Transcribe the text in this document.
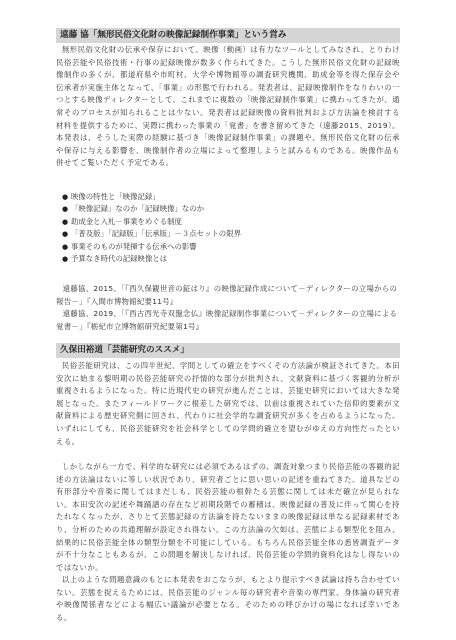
遠藤 協「無形民俗文化財の映像記録制作事業」という営み

無形民俗文化財の伝承や保存において、映像（動画）は有力なツールとしてみなされ、とりわけ民俗芸能や民俗技術・行事の記録映像が数多く作られてきた。こうした無形民俗文化財の記録映像制作の多くが、都道府県や市町村、大学や博物館等の調査研究機関、助成金等を得た保存会や伝承者が実施主体となって、「事業」の形態で行われる。発表者は、記録映像制作をなりわいの一つとする映像ディレクターとして、これまでに複数の「映像記録制作事業」に携わってきたが、通常そのプロセスが知られることは少ない。発表者は記録映像の資料批判および方法論を検討する材料を提供するために、実際に携わった事業の「覚書」を書き留めてきた（遠藤2015、2019）。本発表は、そうした実際の経験に基づき「映像記録制作事業」の課題や、無形民俗文化財の伝承や保存に与える影響を、映像制作者の立場によって整理しようと試みるものである。映像作品も併せてご覧いただく予定である。

● 映像の特性と「映像記録」
● 「映像記録」なのか「記録映像」なのか
● 助成金と入札－事業をめぐる制度
● 「普及版」「記録版」「伝承版」－３点セットの限界
● 事業そのものが発揮する伝承への影響
● 予算なき時代の記録映像とは
遠藤協、2015、「『西久保観世音の鉦はり』の映像記録作成について－ディレクターの立場からの報告－」『入間市博物館紀要11号』
遠藤協、2019、「『西古西光寺双盤念仏』映像記録制作事業について－ディレクターの立場による覚書－」『栃紀市立博物館研究紀要第1号』
久保田裕道「芸能研究のススメ」

民俗芸能研究は、この四半世紀、学問としての確立をすべくその方法論が検証されてきた。本田安次に始まる黎明期の民俗芸能研究の抒情的な部分が批判され、文献資料に基づく客観的分析が重視されるようになった。特に近現代史の研究が進んだことは、芸能史研究においては大きな発展となった。またフィールドワークに根差した研究では、以前は重視されていた信仰的要素が文献資料による歴史研究側に回され、代わりに社会学的な調査研究が多くを占めるようになった。いずれにしても、民俗芸能研究を社会科学としての学問的確立を望むがゆえの方向性だったといえる。

しかしながら一方で、科学的な研究には必須であるはずの、調査対象つまり民俗芸能の客観的記述の方法論はないに等しい状況であり、研究者ごとに思い思いの記述を重ねてきた。道具などの有形部分や音楽に関してはまだしも、民俗芸能の根幹たる芸態に関しては未だ確立が見られない。本田安次の記述や舞踊譜の存在など初期段階での蓄積は、映像記録の普及に伴って関心を持たれなくなったが、さりとて芸態記録の方法論を持たないままの映像記録は単なる記録素材であり、分析のための共通理解が設定され得ない。この方法論の欠如は、芸態による類型化を阻み、結果的に民俗芸能全体の類型分類を不可能にしている。もちろん民俗芸能全体の悉皆調査データが不十分なこともあるが、この問題を解決しなければ、民俗芸能の学問的資料化はなし得ないのではないか。

以上のような問題意識のもとに本発表をおこなうが、もとより提示すべき試論は持ち合わせていない。芸態を捉えるためには、民俗芸能のジャンル毎の研究者や音楽の専門家、身体論の研究者や映像関係者などによる幅広い議論が必要となる。そのための呼びかけの場になれば幸いである。
